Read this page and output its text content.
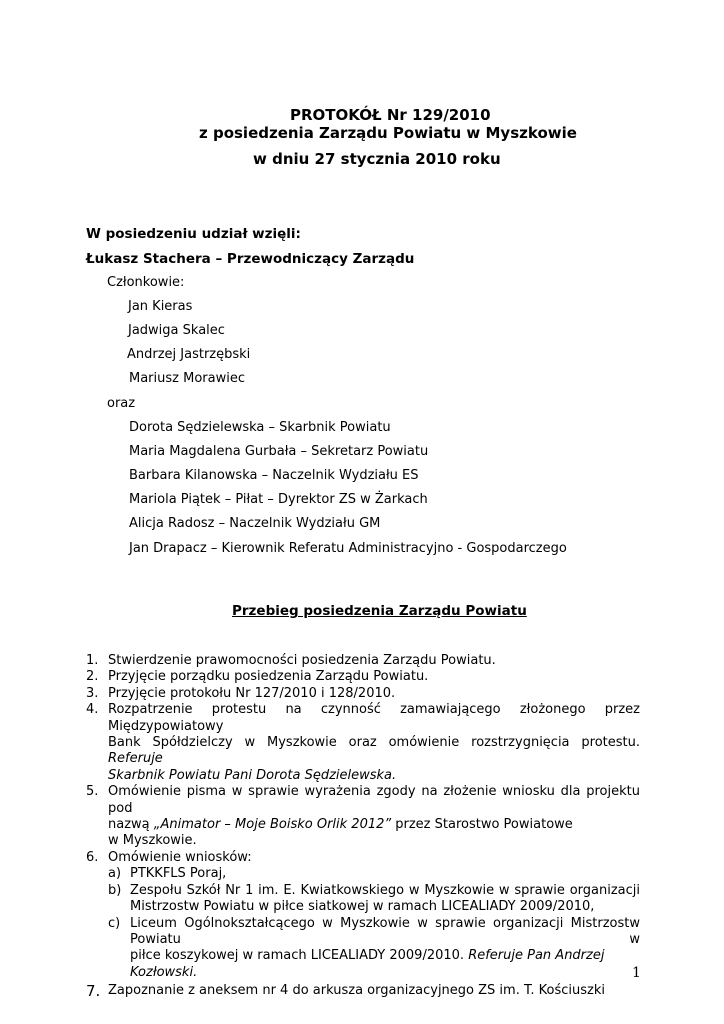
PROTOKÓŁ Nr 129/2010
z posiedzenia Zarządu Powiatu w Myszkowie
w dniu 27 stycznia 2010 roku
W posiedzeniu udział wzięli:
Łukasz Stachera – Przewodniczący Zarządu
Członkowie:
Jan Kieras
Jadwiga Skalec
Andrzej Jastrzębski
Mariusz Morawiec
oraz
Dorota Sędzielewska – Skarbnik Powiatu
Maria Magdalena Gurbała – Sekretarz Powiatu
Barbara Kilanowska – Naczelnik Wydziału ES
Mariola Piątek – Piłat – Dyrektor ZS w Żarkach
Alicja Radosz – Naczelnik Wydziału GM
Jan Drapacz – Kierownik Referatu Administracyjno - Gospodarczego
Przebieg posiedzenia Zarządu Powiatu
1. Stwierdzenie prawomocności posiedzenia Zarządu Powiatu.
2. Przyjęcie porządku posiedzenia Zarządu Powiatu.
3. Przyjęcie protokołu Nr 127/2010 i 128/2010.
4. Rozpatrzenie protestu na czynność zamawiającego złożonego przez Międzypowiatowy
Bank Spółdzielczy w Myszkowie oraz omówienie rozstrzygnięcia protestu. Referuje
Skarbnik Powiatu Pani Dorota Sędzielewska.
5. Omówienie pisma w sprawie wyrażenia zgody na złożenie wniosku dla projektu pod
nazwą „Animator – Moje Boisko Orlik 2012” przez Starostwo Powiatowe
w Myszkowie.
6. Omówienie wniosków:
a) PTKKFLS Poraj,
b) Zespołu Szkół Nr 1 im. E. Kwiatkowskiego w Myszkowie w sprawie organizacji
Mistrzostw Powiatu w piłce siatkowej w ramach LICEALIADY 2009/2010,
c) Liceum Ogólnokształcącego w Myszkowie w sprawie organizacji Mistrzostw Powiatu w
piłce koszykowej w ramach LICEALIADY 2009/2010. Referuje Pan Andrzej Kozłowski.
7. Zapoznanie z aneksem nr 4 do arkusza organizacyjnego ZS im. T. Kościuszki
1
